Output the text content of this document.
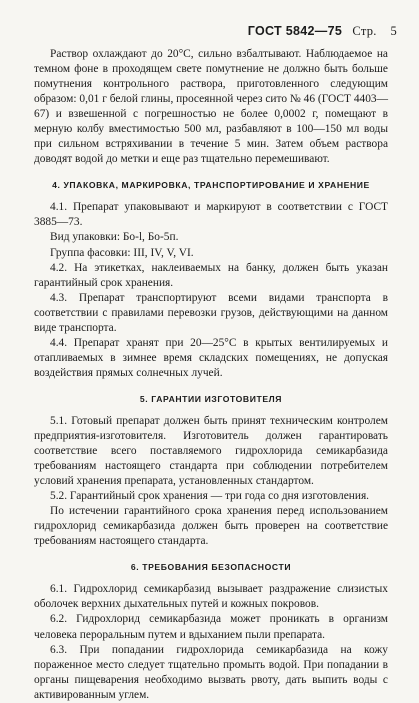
ГОСТ 5842—75 Стр. 5

Раствор охлаждают до 20°С, сильно взбалтывают. Наблюдаемое на темном фоне в проходящем свете помутнение не должно быть больше помутнения контрольного раствора, приготовленного следующим образом: 0,01 г белой глины, просеянной через сито № 46 (ГОСТ 4403—67) и взвешенной с погрешностью не более 0,0002 г, помещают в мерную колбу вместимостью 500 мл, разбавляют в 100—150 мл воды при сильном встряхивании в течение 5 мин. Затем объем раствора доводят водой до метки и еще раз тщательно перемешивают.

4. УПАКОВКА, МАРКИРОВКА, ТРАНСПОРТИРОВАНИЕ И ХРАНЕНИЕ

4.1. Препарат упаковывают и маркируют в соответствии с ГОСТ 3885—73.

Вид упаковки: Бо-l, Бо-5п.

Группа фасовки: III, IV, V, VI.

4.2. На этикетках, наклеиваемых на банку, должен быть указан гарантийный срок хранения.

4.3. Препарат транспортируют всеми видами транспорта в соответствии с правилами перевозки грузов, действующими на данном виде транспорта.

4.4. Препарат хранят при 20—25°С в крытых вентилируемых и отапливаемых в зимнее время складских помещениях, не допуская воздействия прямых солнечных лучей.

5. ГАРАНТИИ ИЗГОТОВИТЕЛЯ

5.1. Готовый препарат должен быть принят техническим контролем предприятия-изготовителя. Изготовитель должен гарантировать соответствие всего поставляемого гидрохлорида семикарбазида требованиям настоящего стандарта при соблюдении потребителем условий хранения препарата, установленных стандартом.

5.2. Гарантийный срок хранения — три года со дня изготовления.

По истечении гарантийного срока хранения перед использованием гидрохлорид семикарбазида должен быть проверен на соответствие требованиям настоящего стандарта.

6. ТРЕБОВАНИЯ БЕЗОПАСНОСТИ

6.1. Гидрохлорид семикарбазид вызывает раздражение слизистых оболочек верхних дыхательных путей и кожных покровов.

6.2. Гидрохлорид семикарбазида может проникать в организм человека пероральным путем и вдыханием пыли препарата.

6.3. При попадании гидрохлорида семикарбазида на кожу пораженное место следует тщательно промыть водой. При попадании в органы пищеварения необходимо вызвать рвоту, дать выпить воды с активированным углем.
